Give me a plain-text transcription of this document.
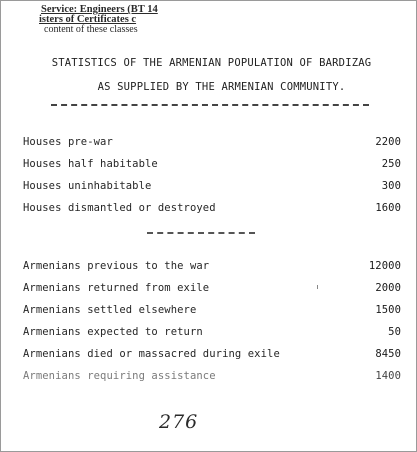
Service: Engineers (BT 14
isters of Certificates c
content of these classes
STATISTICS OF THE ARMENIAN POPULATION OF BARDIZAG
AS SUPPLIED BY THE ARMENIAN COMMUNITY.
Houses pre-war	2200
Houses half habitable	250
Houses uninhabitable	300
Houses dismantled or destroyed	1600
Armenians previous to the war	12000
Armenians returned from exile	2000
Armenians settled elsewhere	1500
Armenians expected to return	50
Armenians died or massacred during exile	8450
Armenians requiring assistance	1400
276
